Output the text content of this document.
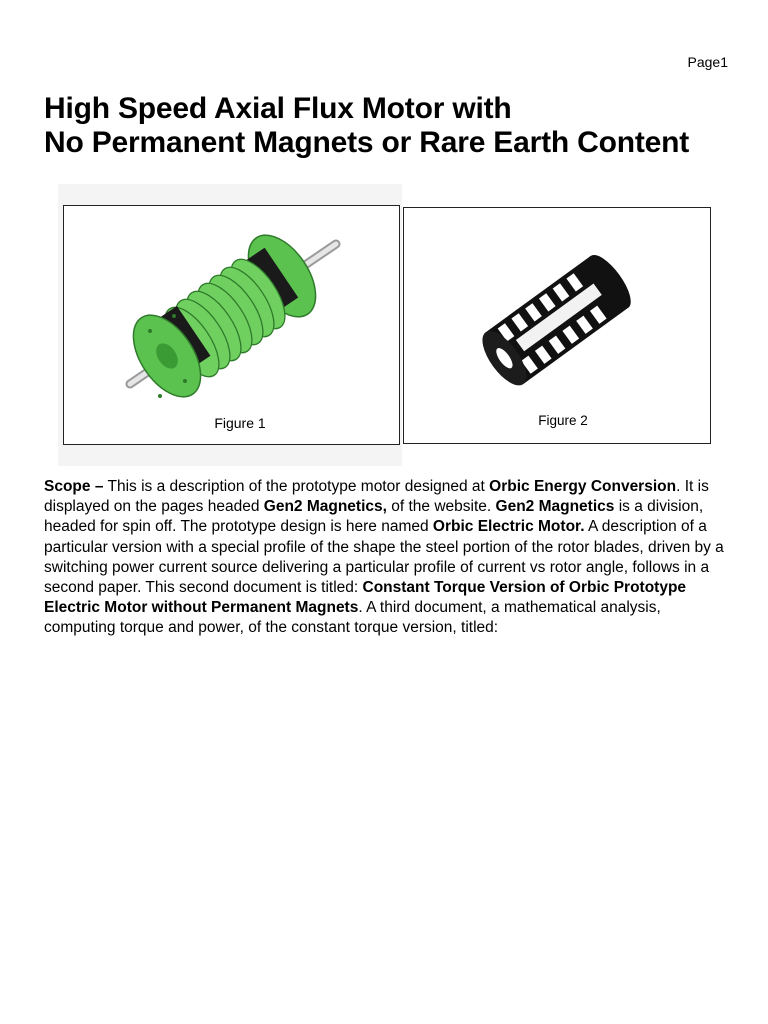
Page1
High Speed Axial Flux Motor with
No Permanent Magnets or Rare Earth Content
Figure 1	Figure 2

Scope – This is a description of the prototype motor designed at Orbic Energy Conversion. It is displayed on the pages headed Gen2 Magnetics, of the website. Gen2 Magnetics is a division, headed for spin off. The prototype design is here named Orbic Electric Motor. A description of a particular version with a special profile of the shape the steel portion of the rotor blades, driven by a switching power current source delivering a particular profile of current vs rotor angle, follows in a second paper. This second document is titled: Constant Torque Version of Orbic Prototype Electric Motor without Permanent Magnets. A third document, a mathematical analysis, computing torque and power, of the constant torque version, titled:
